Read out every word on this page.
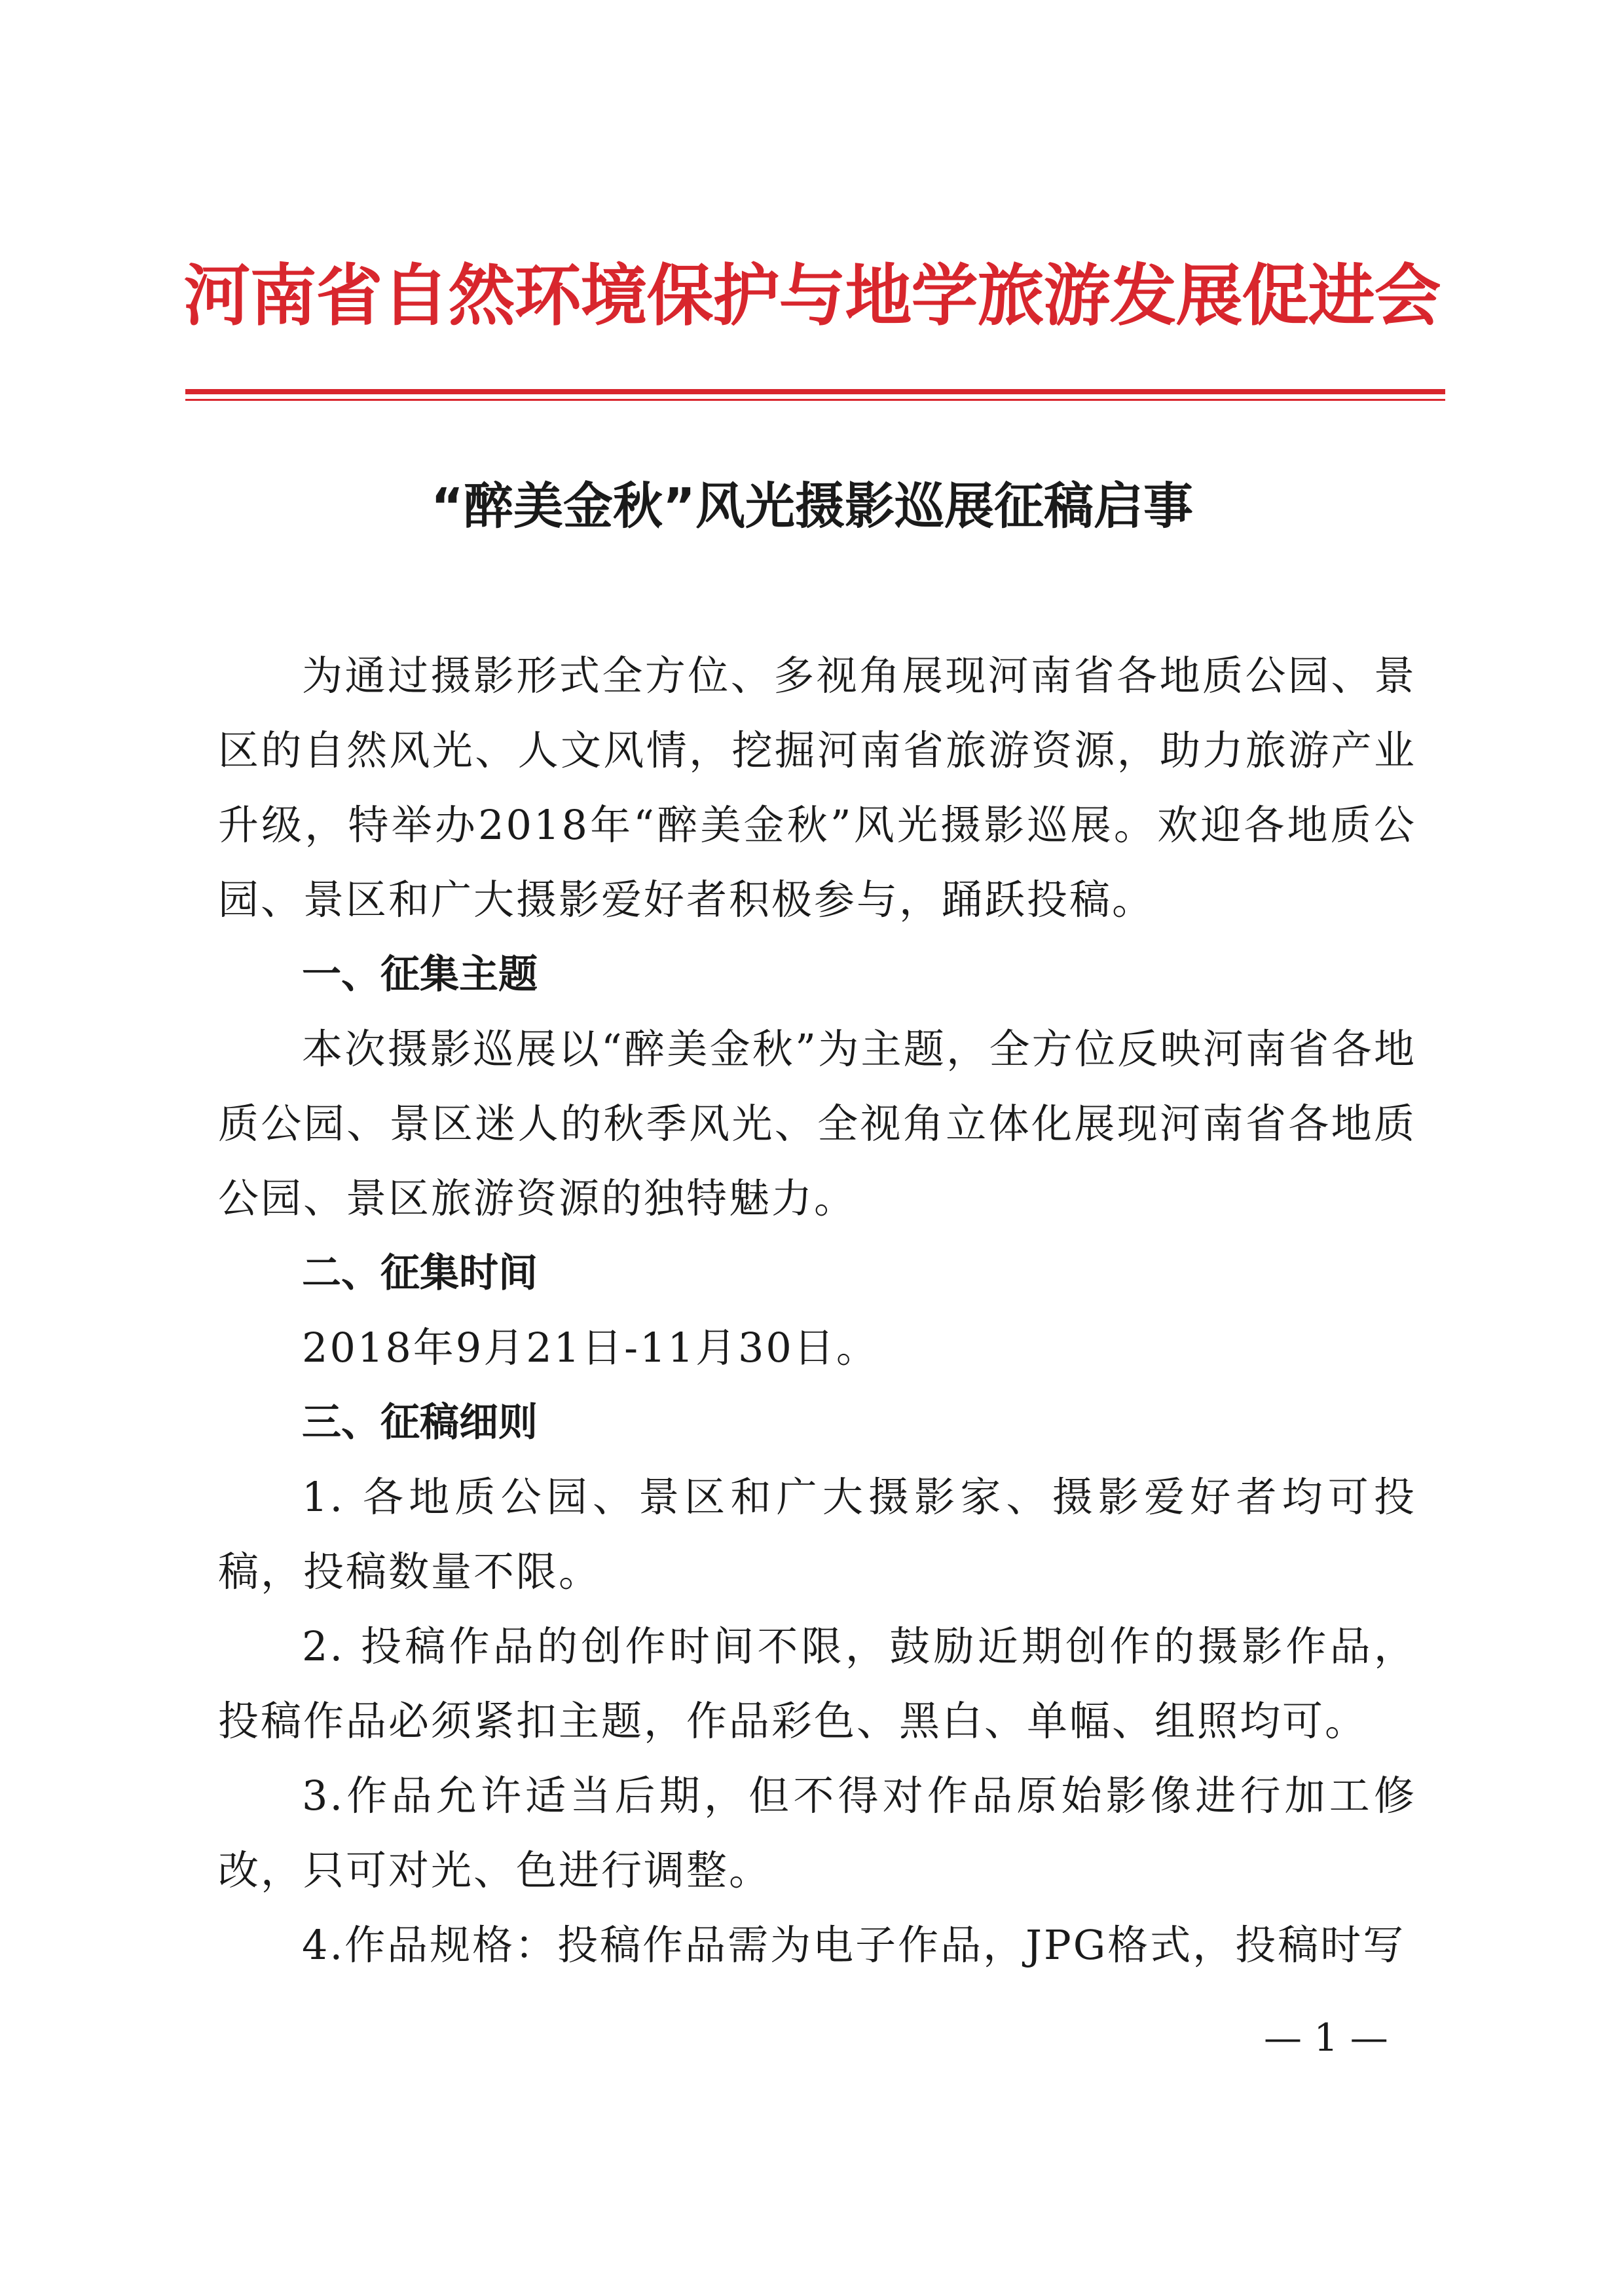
河南省自然环境保护与地学旅游发展促进会
“醉美金秋”风光摄影巡展征稿启事

为通过摄影形式全方位、多视角展现河南省各地质公园、景区的自然风光、人文风情，挖掘河南省旅游资源，助力旅游产业升级，特举办2018年“醉美金秋”风光摄影巡展。欢迎各地质公园、景区和广大摄影爱好者积极参与，踊跃投稿。

一、征集主题

本次摄影巡展以“醉美金秋”为主题，全方位反映河南省各地质公园、景区迷人的秋季风光、全视角立体化展现河南省各地质公园、景区旅游资源的独特魅力。

二、征集时间

2018年9月21日-11月30日。

三、征稿细则

1. 各地质公园、景区和广大摄影家、摄影爱好者均可投稿，投稿数量不限。

2. 投稿作品的创作时间不限，鼓励近期创作的摄影作品，投稿作品必须紧扣主题，作品彩色、黑白、单幅、组照均可。

3.作品允许适当后期，但不得对作品原始影像进行加工修改，只可对光、色进行调整。

4.作品规格：投稿作品需为电子作品，JPG格式，投稿时写

— 1 —
